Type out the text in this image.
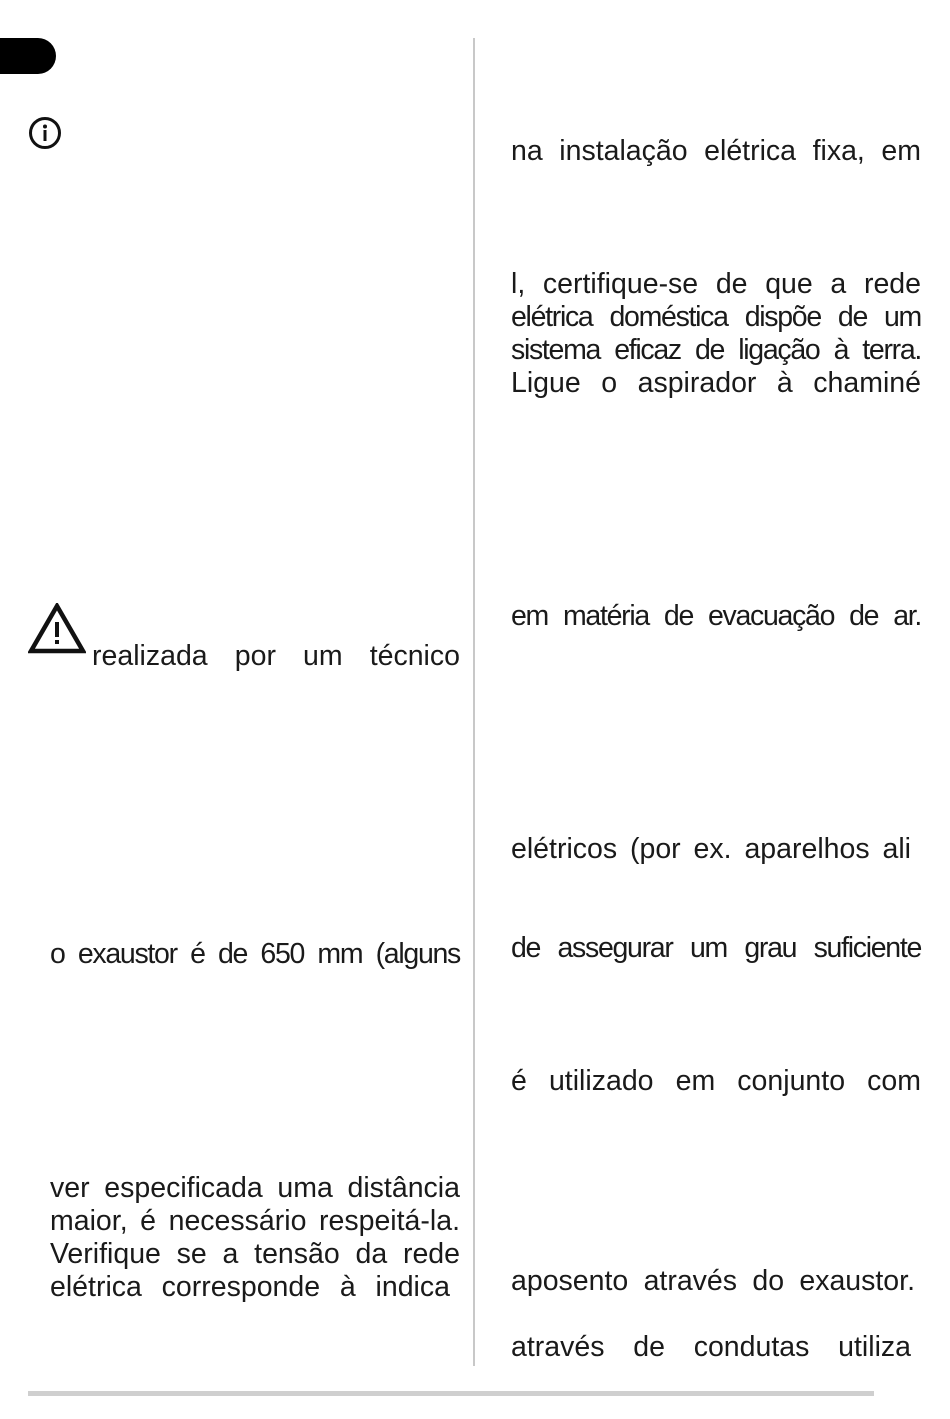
realizada por um técnico

o exaustor é de 650 mm (alguns

ver especificada uma distância
maior, é necessário respeitá-la.
Verifique se a tensão da rede
elétrica corresponde à indica

na instalação elétrica fixa, em

l, certifique-se de que a rede
elétrica doméstica dispõe de um
sistema eficaz de ligação à terra.
Ligue o aspirador à chaminé

em matéria de evacuação de ar.

elétricos (por ex. aparelhos ali

de assegurar um grau suficiente

é utilizado em conjunto com

aposento através do exaustor.

através de condutas utiliza
